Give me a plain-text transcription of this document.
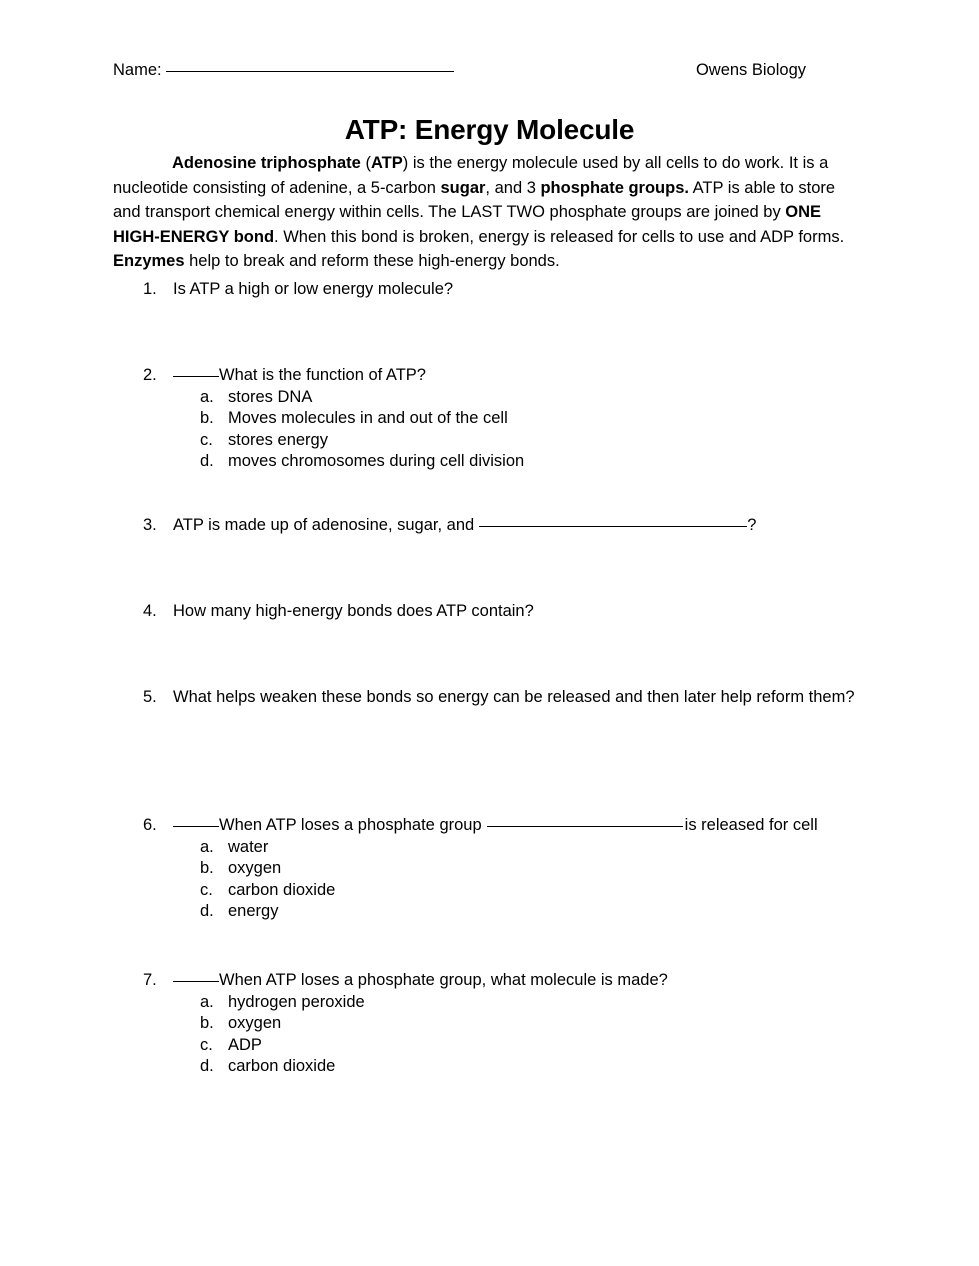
Name:	Owens Biology
ATP: Energy Molecule
Adenosine triphosphate (ATP) is the energy molecule used by all cells to do work. It is a nucleotide consisting of adenine, a 5-carbon sugar, and 3 phosphate groups. ATP is able to store and transport chemical energy within cells. The LAST TWO phosphate groups are joined by ONE HIGH-ENERGY bond. When this bond is broken, energy is released for cells to use and ADP forms. Enzymes help to break and reform these high-energy bonds.
1. Is ATP a high or low energy molecule?
2.	What is the function of ATP?
a. stores DNA
b. Moves molecules in and out of the cell
c. stores energy
d. moves chromosomes during cell division
3. ATP is made up of adenosine, sugar, and	?
4. How many high-energy bonds does ATP contain?
5. What helps weaken these bonds so energy can be released and then later help reform them?
6.	When ATP loses a phosphate group	is released for cell
a. water
b. oxygen
c. carbon dioxide
d. energy
7.	When ATP loses a phosphate group, what molecule is made?
a. hydrogen peroxide
b. oxygen
c. ADP
d. carbon dioxide
